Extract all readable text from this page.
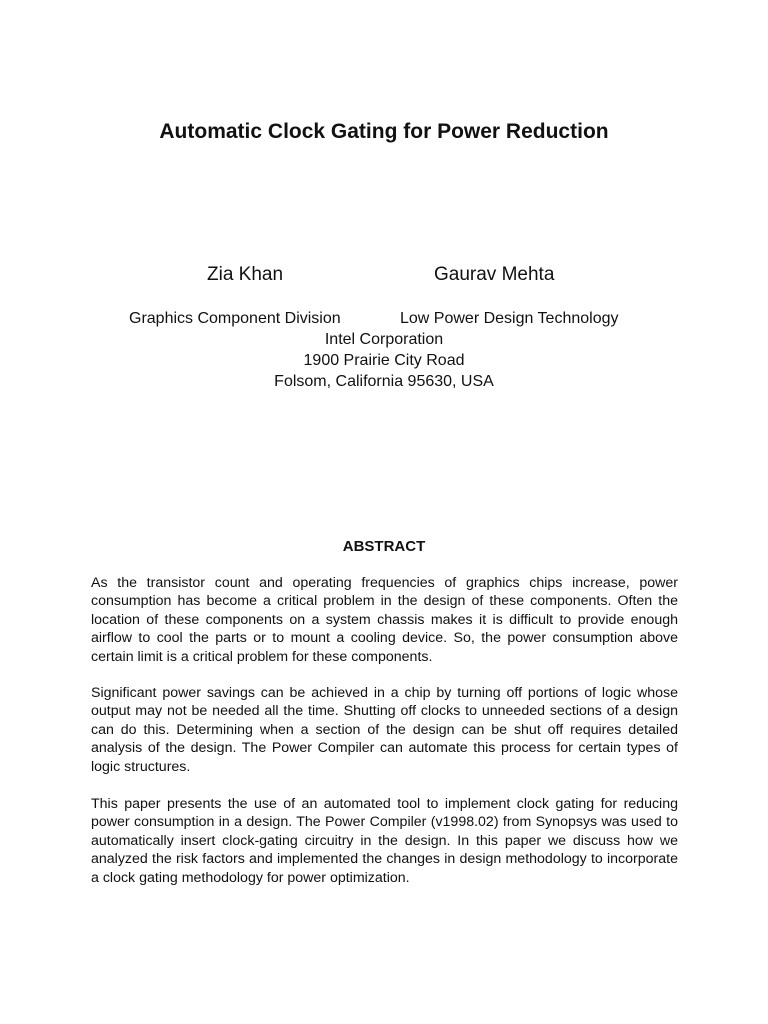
Automatic Clock Gating for Power Reduction
Zia Khan	Gaurav Mehta
Graphics Component Division	Low Power Design Technology
Intel Corporation
1900 Prairie City Road
Folsom, California 95630, USA
ABSTRACT

As the transistor count and operating frequencies of graphics chips increase, power consumption has become a critical problem in the design of these components. Often the location of these components on a system chassis makes it is difficult to provide enough airflow to cool the parts or to mount a cooling device. So, the power consumption above certain limit is a critical problem for these components.

Significant power savings can be achieved in a chip by turning off portions of logic whose output may not be needed all the time. Shutting off clocks to unneeded sections of a design can do this. Determining when a section of the design can be shut off requires detailed analysis of the design. The Power Compiler can automate this process for certain types of logic structures.

This paper presents the use of an automated tool to implement clock gating for reducing power consumption in a design. The Power Compiler (v1998.02) from Synopsys was used to automatically insert clock-gating circuitry in the design. In this paper we discuss how we analyzed the risk factors and implemented the changes in design methodology to incorporate a clock gating methodology for power optimization.
